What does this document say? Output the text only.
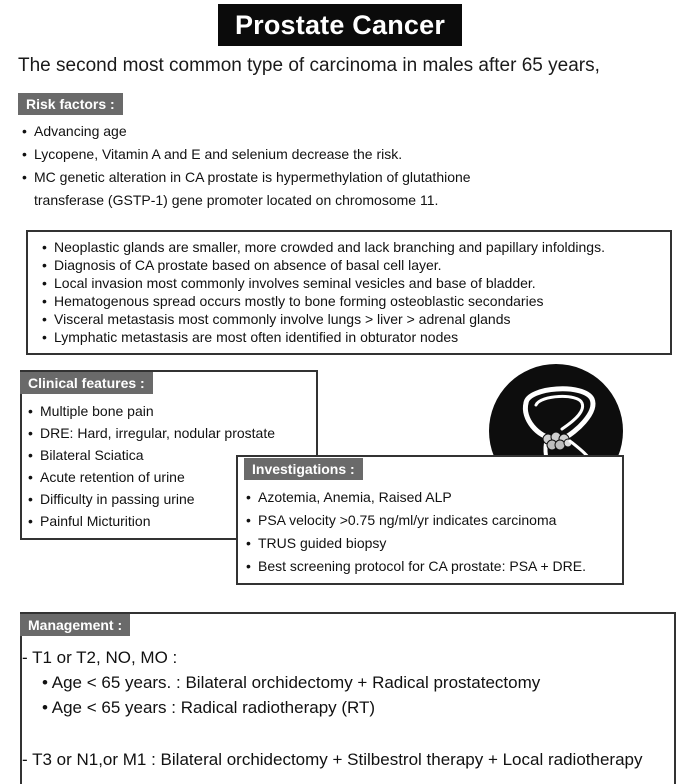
Prostate Cancer
The second most common type of carcinoma in males after 65 years,
Risk factors :
• Advancing age
• Lycopene, Vitamin A and E and selenium decrease the risk.
• MC genetic alteration in CA prostate is hypermethylation of glutathione transferase (GSTP-1) gene promoter located on chromosome 11.
• Neoplastic glands are smaller, more crowded and lack branching and papillary infoldings.
• Diagnosis of CA prostate based on absence of basal cell layer.
• Local invasion most commonly involves seminal vesicles and base of bladder.
• Hematogenous spread occurs mostly to bone forming osteoblastic secondaries
• Visceral metastasis most commonly involve lungs > liver > adrenal glands
• Lymphatic metastasis are most often identified in obturator nodes
Clinical features :
• Multiple bone pain
• DRE: Hard, irregular, nodular prostate
• Bilateral Sciatica
• Acute retention of urine
• Difficulty in passing urine
• Painful Micturition
Investigations :
• Azotemia, Anemia, Raised ALP
• PSA velocity >0.75 ng/ml/yr indicates carcinoma
• TRUS guided biopsy
• Best screening protocol for CA prostate: PSA + DRE.
Management :
- T1 or T2, NO, MO :
• Age < 65 years. : Bilateral orchidectomy + Radical prostatectomy
• Age < 65 years : Radical radiotherapy (RT)
- T3 or N1,or M1 : Bilateral orchidectomy + Stilbestrol therapy + Local radiotherapy
